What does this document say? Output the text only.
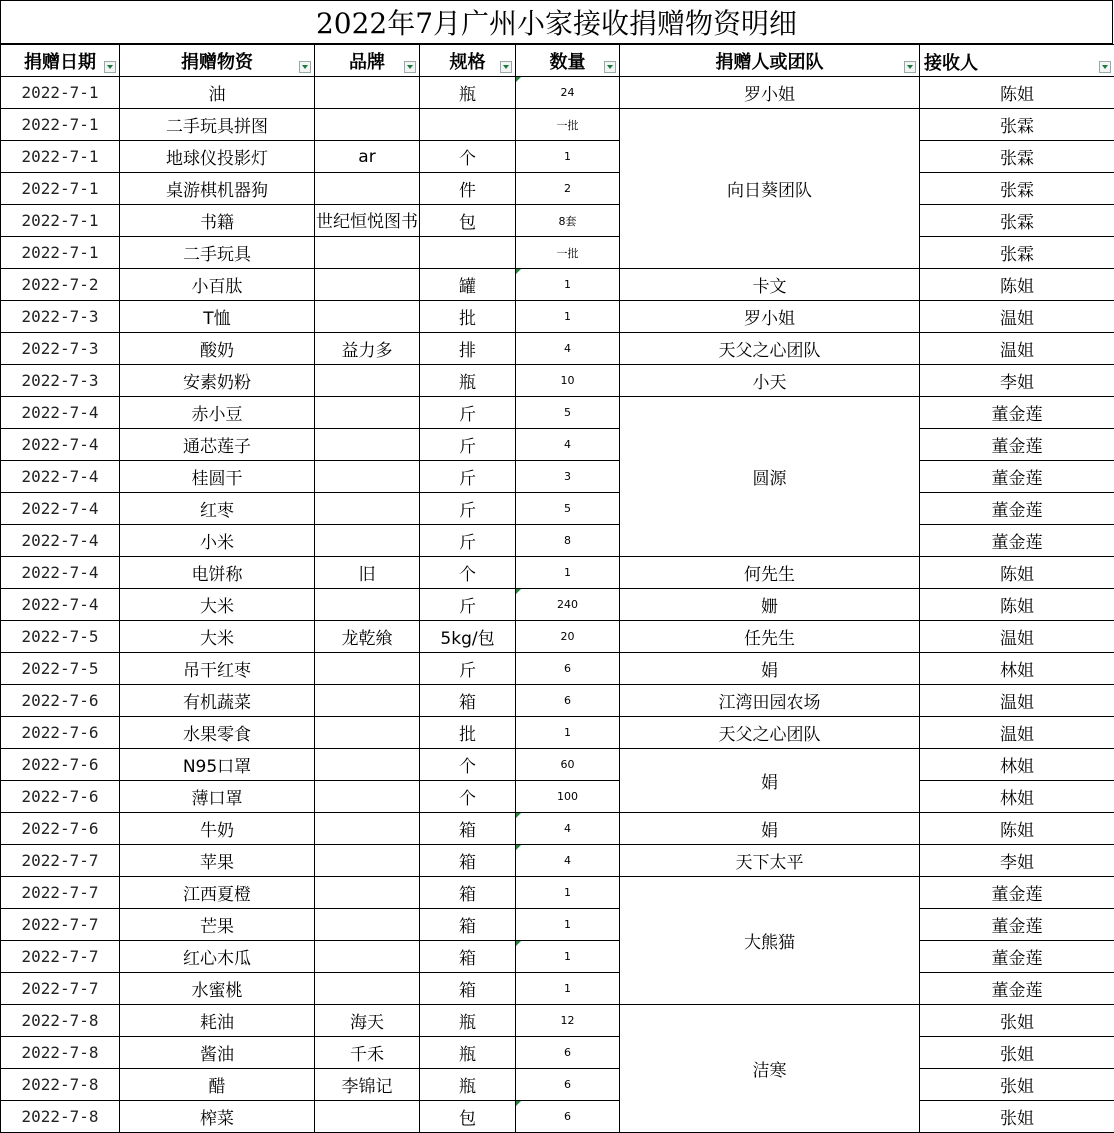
2022年7月广州小家接收捐赠物资明细
捐赠日期	捐赠物资	品牌	规格	数量	捐赠人或团队	接收人

2022-7-1	油		瓶	24	罗小姐	陈姐
2022-7-1	二手玩具拼图			一批	向日葵团队	张霖
2022-7-1	地球仪投影灯	ar	个	1		张霖
2022-7-1	桌游棋机器狗		件	2		张霖
2022-7-1	书籍	世纪恒悦图书	包	8套		张霖
2022-7-1	二手玩具			一批		张霖
2022-7-2	小百肽		罐	1	卡文	陈姐
2022-7-3	T恤		批	1	罗小姐	温姐
2022-7-3	酸奶	益力多	排	4	天父之心团队	温姐
2022-7-3	安素奶粉		瓶	10	小天	李姐
2022-7-4	赤小豆		斤	5	圆源	董金莲
2022-7-4	通芯莲子		斤	4		董金莲
2022-7-4	桂圆干		斤	3		董金莲
2022-7-4	红枣		斤	5		董金莲
2022-7-4	小米		斤	8		董金莲
2022-7-4	电饼称	旧	个	1	何先生	陈姐
2022-7-4	大米		斤	240	姗	陈姐
2022-7-5	大米	龙乾飨	5kg/包	20	任先生	温姐
2022-7-5	吊干红枣		斤	6	娟	林姐
2022-7-6	有机蔬菜		箱	6	江湾田园农场	温姐
2022-7-6	水果零食		批	1	天父之心团队	温姐
2022-7-6	N95口罩		个	60	娟	林姐
2022-7-6	薄口罩		个	100		林姐
2022-7-6	牛奶		箱	4	娟	陈姐
2022-7-7	苹果		箱	4	天下太平	李姐
2022-7-7	江西夏橙		箱	1	大熊猫	董金莲
2022-7-7	芒果		箱	1		董金莲
2022-7-7	红心木瓜		箱	1		董金莲
2022-7-7	水蜜桃		箱	1		董金莲
2022-7-8	耗油	海天	瓶	12	洁寒	张姐
2022-7-8	酱油	千禾	瓶	6		张姐
2022-7-8	醋	李锦记	瓶	6		张姐
2022-7-8	榨菜		包	6		张姐
